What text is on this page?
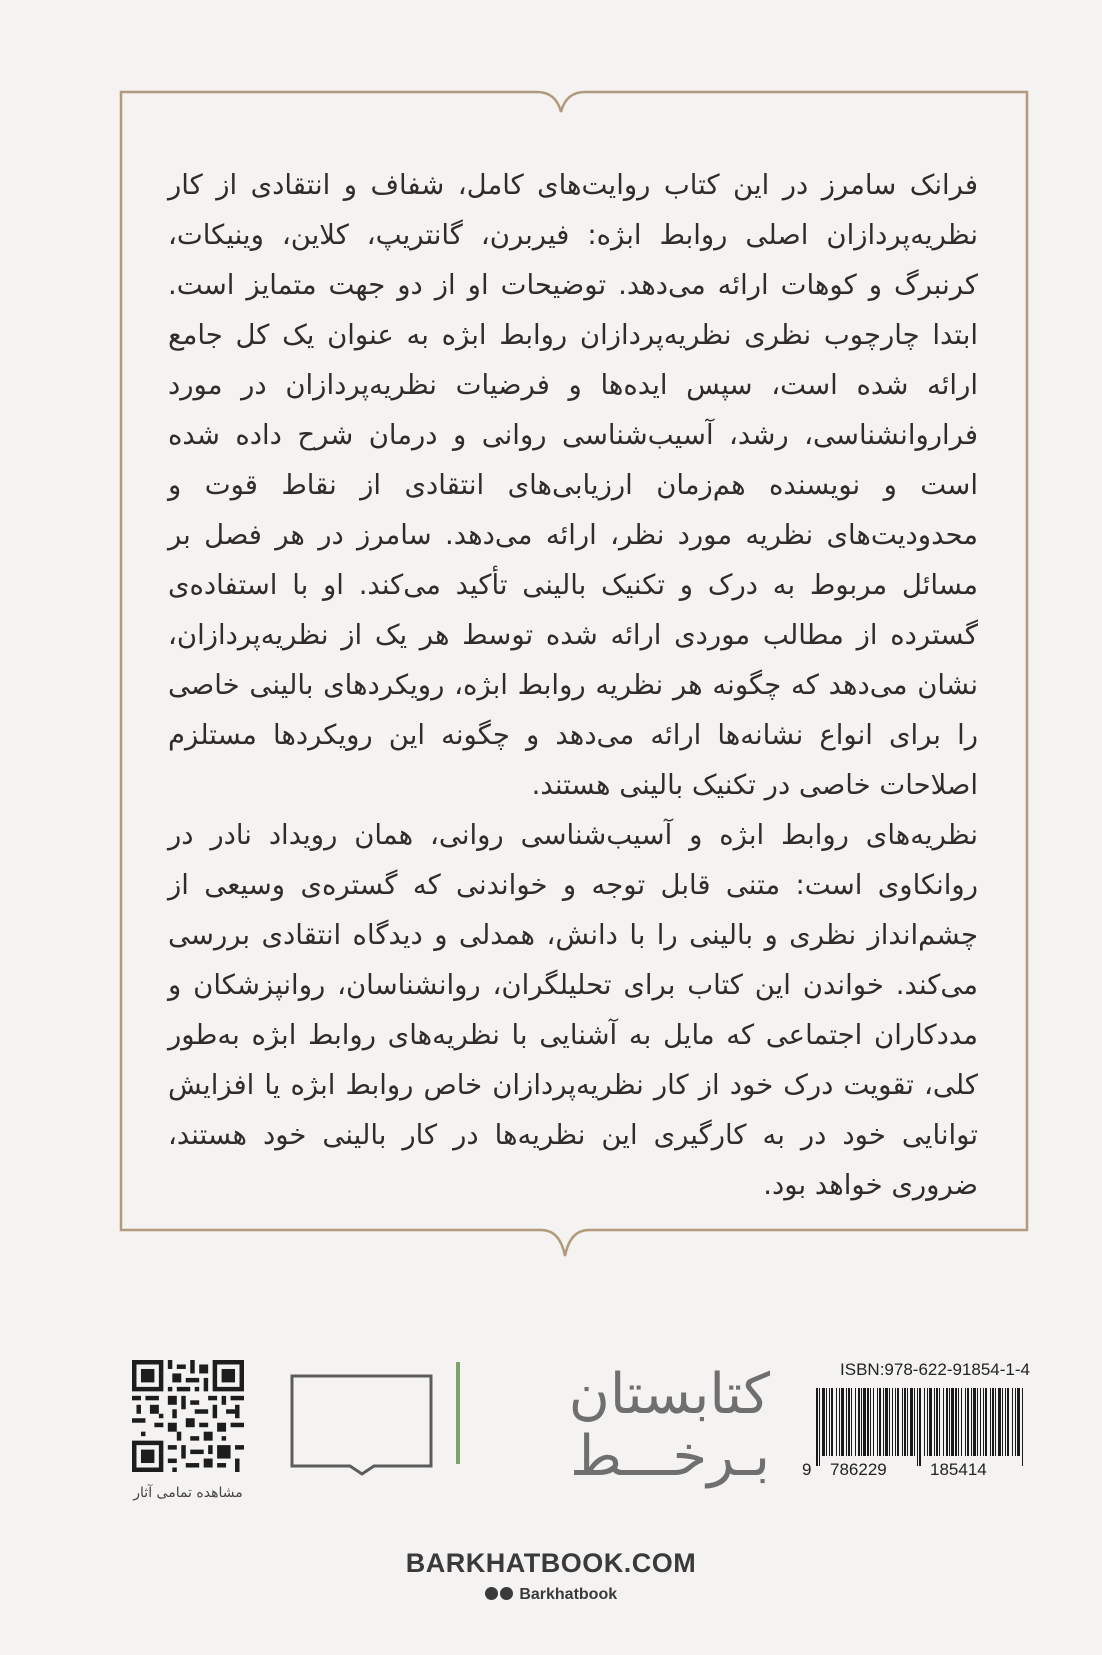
فرانک سامرز در این کتاب روایت‌های کامل، شفاف و انتقادی از کار نظریه‌پردازان اصلی روابط ابژه: فیربرن، گانتریپ، کلاین، وینیکات، کرنبرگ و کوهات ارائه می‌دهد. توضیحات او از دو جهت متمایز است. ابتدا چارچوب نظری نظریه‌پردازان روابط ابژه به عنوان یک کل جامع ارائه شده است، سپس ایده‌ها و فرضیات نظریه‌پردازان در مورد فراروانشناسی، رشد، آسیب‌شناسی روانی و درمان شرح داده شده است و نویسنده هم‌زمان ارزیابی‌های انتقادی از نقاط قوت و محدودیت‌های نظریه مورد نظر، ارائه می‌دهد. سامرز در هر فصل بر مسائل مربوط به درک و تکنیک بالینی تأکید می‌کند. او با استفاده‌ی گسترده از مطالب موردی ارائه شده توسط هر یک از نظریه‌پردازان، نشان می‌دهد که چگونه هر نظریه روابط ابژه، رویکردهای بالینی خاصی را برای انواع نشانه‌ها ارائه می‌دهد و چگونه این رویکردها مستلزم اصلاحات خاصی در تکنیک بالینی هستند.

نظریه‌های روابط ابژه و آسیب‌شناسی روانی، همان رویداد نادر در روانکاوی است: متنی قابل توجه و خواندنی که گستره‌ی وسیعی از چشم‌انداز نظری و بالینی را با دانش، همدلی و دیدگاه انتقادی بررسی می‌کند. خواندن این کتاب برای تحلیلگران، روانشناسان، روانپزشکان و مددکاران اجتماعی که مایل به آشنایی با نظریه‌های روابط ابژه به‌طور کلی، تقویت درک خود از کار نظریه‌پردازان خاص روابط ابژه یا افزایش توانایی خود در به کارگیری این نظریه‌ها در کار بالینی خود هستند، ضروری خواهد بود.

مشاهده تمامی آثار
کتابستان
بـرخـــط
ISBN:978-622-91854-1-4
9 786229	185414
BARKHATBOOK.COM
Barkhatbook
